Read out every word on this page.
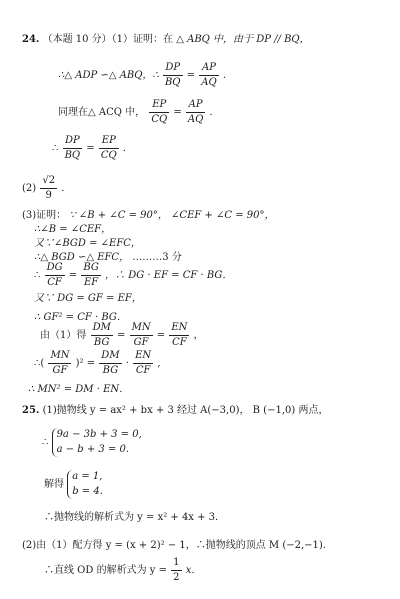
24. （本题 10 分）（1）证明：在 △ ABQ 中，由于 DP // BQ，
∴△ ADP ∽△ ABQ，∴ $\frac{DP}{BQ} = \frac{AP}{AQ}$ .
同理在△ ACQ 中， $\frac{EP}{CQ} = \frac{AP}{AQ}$ ．
∴ $\frac{DP}{BQ} = \frac{EP}{CQ}$ ．
$(2) \frac{√2}{9}$ ．
(3)证明： ∵ ∠B + ∠C = 90°， ∠CEF + ∠C = 90°，
∴∠B = ∠CEF，
又∵∠BGD = ∠EFC，
∴△ BGD ∽△ EFC， ………3 分
∴ $\frac{DG}{CF} = \frac{BG}{EF}$ ，∴ DG · EF = CF · BG．
又∵ DG = GF = EF，
∴ GF² = CF · BG．
由（1）得 $\frac{DM}{BG} = \frac{MN}{GF} = \frac{EN}{CF}$ ，
∴( $\frac{MN}{GF} )^2 = \frac{DM}{BG} \cdot \frac{EN}{CF}$ ,
∴ MN² = DM · EN．
25. (1)抛物线 y = ax² + bx + 3 经过 A(−3,0)， B (−1,0) 两点，
∴
9a − 3b + 3 = 0,
a − b + 3 = 0.
解得
a = 1,
b = 4.
∴抛物线的解析式为 y = x² + 4x + 3．
(2)由（1）配方得 y = (x + 2)² − 1，∴抛物线的顶点 M (−2,−1).
∴直线 OD 的解析式为 $y = \frac{1}{2}$ x．
